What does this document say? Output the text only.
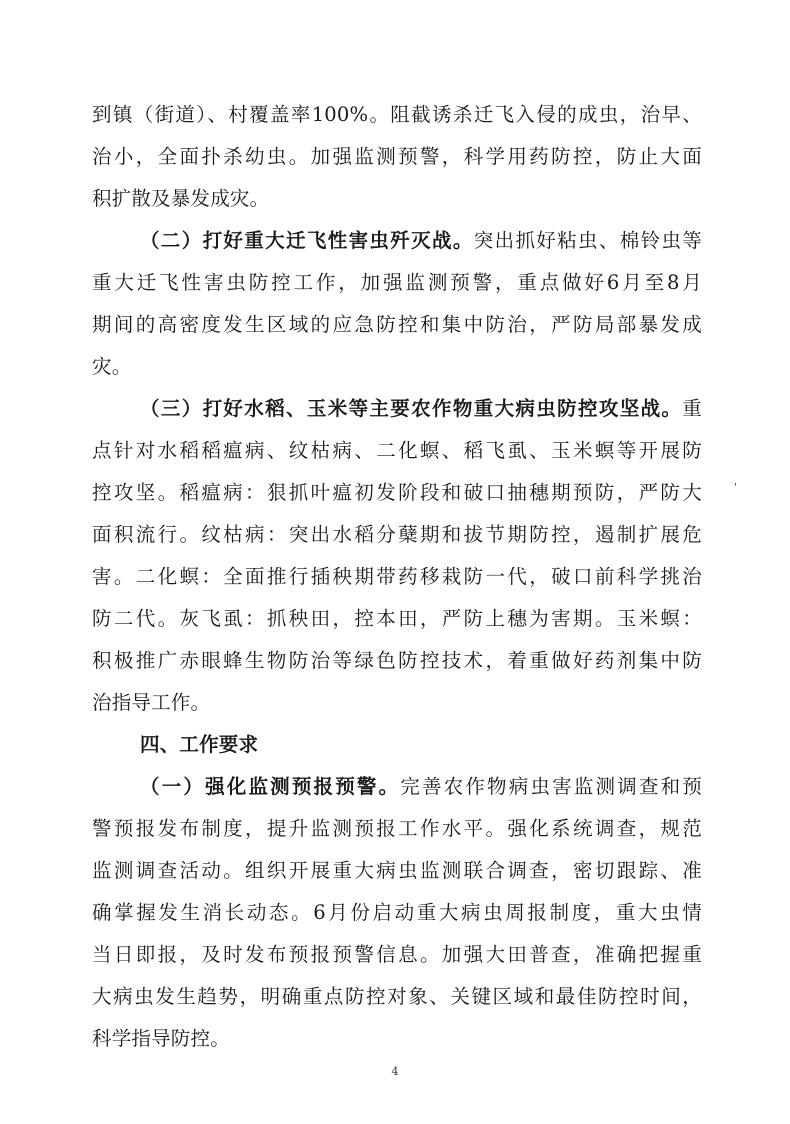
到镇（街道）、村覆盖率100%。阻截诱杀迁飞入侵的成虫，治早、
治小，全面扑杀幼虫。加强监测预警，科学用药防控，防止大面
积扩散及暴发成灾。
（二）打好重大迁飞性害虫歼灭战。突出抓好粘虫、棉铃虫等
重大迁飞性害虫防控工作，加强监测预警，重点做好6月至8月
期间的高密度发生区域的应急防控和集中防治，严防局部暴发成
灾。
（三）打好水稻、玉米等主要农作物重大病虫防控攻坚战。重
点针对水稻稻瘟病、纹枯病、二化螟、稻飞虱、玉米螟等开展防
控攻坚。稻瘟病：狠抓叶瘟初发阶段和破口抽穗期预防，严防大
面积流行。纹枯病：突出水稻分蘖期和拔节期防控，遏制扩展危
害。二化螟：全面推行插秧期带药移栽防一代，破口前科学挑治
防二代。灰飞虱：抓秧田，控本田，严防上穗为害期。玉米螟：
积极推广赤眼蜂生物防治等绿色防控技术，着重做好药剂集中防
治指导工作。
四、工作要求
（一）强化监测预报预警。完善农作物病虫害监测调查和预
警预报发布制度，提升监测预报工作水平。强化系统调查，规范
监测调查活动。组织开展重大病虫监测联合调查，密切跟踪、准
确掌握发生消长动态。6月份启动重大病虫周报制度，重大虫情
当日即报，及时发布预报预警信息。加强大田普查，准确把握重
大病虫发生趋势，明确重点防控对象、关键区域和最佳防控时间，
科学指导防控。
'
4
